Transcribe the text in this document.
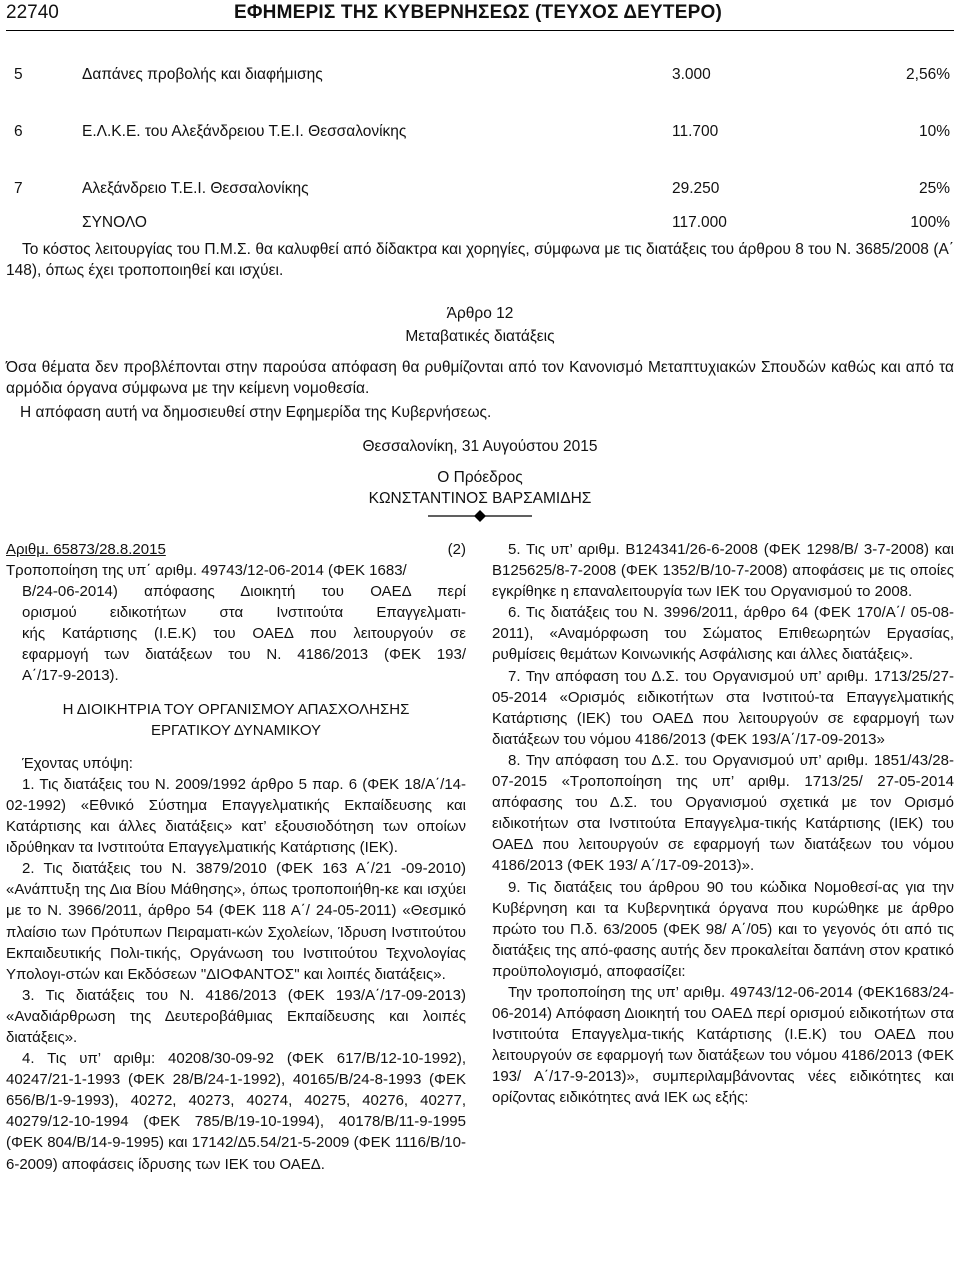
22740	ΕΦΗΜΕΡΙΣ ΤΗΣ ΚΥΒΕΡΝΗΣΕΩΣ (ΤΕΥΧΟΣ ΔΕΥΤΕΡΟ)
5	Δαπάνες προβολής και διαφήμισης	3.000	2,56%
6	Ε.Λ.Κ.Ε. του Αλεξάνδρειου Τ.Ε.Ι. Θεσσαλονίκης	11.700	10%
7	Αλεξάνδρειο Τ.Ε.Ι. Θεσσαλονίκης	29.250	25%
ΣΥΝΟΛΟ	117.000	100%
Το κόστος λειτουργίας του Π.Μ.Σ. θα καλυφθεί από δίδακτρα και χορηγίες, σύμφωνα με τις διατάξεις του άρθρου 8 του Ν. 3685/2008 (Α΄ 148), όπως έχει τροποποιηθεί και ισχύει.
Άρθρο 12
Μεταβατικές διατάξεις
Όσα θέματα δεν προβλέπονται στην παρούσα απόφαση θα ρυθμίζονται από τον Κανονισμό Μεταπτυχιακών Σπουδών καθώς και από τα αρμόδια όργανα σύμφωνα με την κείμενη νομοθεσία.
Η απόφαση αυτή να δημοσιευθεί στην Εφημερίδα της Κυβερνήσεως.
Θεσσαλονίκη, 31 Αυγούστου 2015
Ο Πρόεδρος
ΚΩΝΣΤΑΝΤΙΝΟΣ ΒΑΡΣΑΜΙΔΗΣ
Αριθμ. 65873/28.8.2015	(2)
Τροποποίηση της υπ΄ αριθμ. 49743/12-06-2014 (ΦΕΚ 1683/
Β/24-06-2014) απόφασης Διοικητή του ΟΑΕΔ περί
ορισμού ειδικοτήτων στα Ινστιτούτα Επαγγελματι-
κής Κατάρτισης (Ι.Ε.Κ) του ΟΑΕΔ που λειτουργούν σε
εφαρμογή των διατάξεων του Ν. 4186/2013 (ΦΕΚ 193/
Α΄/17-9-2013).

Η ΔΙΟΙΚΗΤΡΙΑ ΤΟΥ ΟΡΓΑΝΙΣΜΟΥ ΑΠΑΣΧΟΛΗΣΗΣ

ΕΡΓΑΤΙΚΟΥ ΔΥΝΑΜΙΚΟΥ

Έχοντας υπόψη:

1. Τις διατάξεις του Ν. 2009/1992 άρθρο 5 παρ. 6 (ΦΕΚ 18/Α΄/14-02-1992) «Εθνικό Σύστημα Επαγγελματικής Εκπαίδευσης και Κατάρτισης και άλλες διατάξεις» κατ’ εξουσιοδότηση των οποίων ιδρύθηκαν τα Ινστιτούτα Επαγγελματικής Κατάρτισης (ΙΕΚ).

2. Τις διατάξεις του Ν. 3879/2010 (ΦΕΚ 163 Α΄/21 -09-2010) «Ανάπτυξη της Δια Βίου Μάθησης», όπως τροποποιήθη-κε και ισχύει με το Ν. 3966/2011, άρθρο 54 (ΦΕΚ 118 Α΄/ 24-05-2011) «Θεσμικό πλαίσιο των Πρότυπων Πειραματι-κών Σχολείων, Ίδρυση Ινστιτούτου Εκπαιδευτικής Πολι-τικής, Οργάνωση του Ινστιτούτου Τεχνολογίας Υπολογι-στών και Εκδόσεων "ΔΙΟΦΑΝΤΟΣ" και λοιπές διατάξεις».

3. Τις διατάξεις του Ν. 4186/2013 (ΦΕΚ 193/Α΄/17-09-2013) «Αναδιάρθρωση της Δευτεροβάθμιας Εκπαίδευσης και λοιπές διατάξεις».

4. Τις υπ’ αριθμ: 40208/30-09-92 (ΦΕΚ 617/Β/12-10-1992), 40247/21-1-1993 (ΦΕΚ 28/Β/24-1-1992), 40165/Β/24-8-1993 (ΦΕΚ 656/Β/1-9-1993), 40272, 40273, 40274, 40275, 40276, 40277, 40279/12-10-1994 (ΦΕΚ 785/Β/19-10-1994), 40178/Β/11-9-1995 (ΦΕΚ 804/Β/14-9-1995) και 17142/Δ5.54/21-5-2009 (ΦΕΚ 1116/Β/10-6-2009) αποφάσεις ίδρυσης των ΙΕΚ του ΟΑΕΔ.

5. Τις υπ’ αριθμ. Β124341/26-6-2008 (ΦΕΚ 1298/Β/ 3-7-2008) και Β125625/8-7-2008 (ΦΕΚ 1352/Β/10-7-2008) αποφάσεις με τις οποίες εγκρίθηκε η επαναλειτουργία των ΙΕΚ του Οργανισμού το 2008.

6. Τις διατάξεις του Ν. 3996/2011, άρθρο 64 (ΦΕΚ 170/Α΄/ 05-08-2011), «Αναμόρφωση του Σώματος Επιθεωρητών Εργασίας, ρυθμίσεις θεμάτων Κοινωνικής Ασφάλισης και άλλες διατάξεις».

7. Την απόφαση του Δ.Σ. του Οργανισμού υπ’ αριθμ. 1713/25/27-05-2014 «Ορισμός ειδικοτήτων στα Ινστιτού-τα Επαγγελματικής Κατάρτισης (ΙΕΚ) του ΟΑΕΔ που λειτουργούν σε εφαρμογή των διατάξεων του νόμου 4186/2013 (ΦΕΚ 193/Α΄/17-09-2013»

8. Την απόφαση του Δ.Σ. του Οργανισμού υπ’ αριθμ. 1851/43/28-07-2015 «Τροποποίηση της υπ’ αριθμ. 1713/25/ 27-05-2014 απόφασης του Δ.Σ. του Οργανισμού σχετικά με τον Ορισμό ειδικοτήτων στα Ινστιτούτα Επαγγελμα-τικής Κατάρτισης (ΙΕΚ) του ΟΑΕΔ που λειτουργούν σε εφαρμογή των διατάξεων του νόμου 4186/2013 (ΦΕΚ 193/ Α΄/17-09-2013)».

9. Τις διατάξεις του άρθρου 90 του κώδικα Νομοθεσί-ας για την Κυβέρνηση και τα Κυβερνητικά όργανα που κυρώθηκε με άρθρο πρώτο του Π.δ. 63/2005 (ΦΕΚ 98/ Α΄/05) και το γεγονός ότι από τις διατάξεις της από-φασης αυτής δεν προκαλείται δαπάνη στον κρατικό προϋπολογισμό, αποφασίζει:

Την τροποποίηση της υπ’ αριθμ. 49743/12-06-2014 (ΦΕΚ1683/24-06-2014) Απόφαση Διοικητή του ΟΑΕΔ περί ορισμού ειδικοτήτων στα Ινστιτούτα Επαγγελμα-τικής Κατάρτισης (Ι.Ε.Κ) του ΟΑΕΔ που λειτουργούν σε εφαρμογή των διατάξεων του νόμου 4186/2013 (ΦΕΚ 193/ Α΄/17-9-2013)», συμπεριλαμβάνοντας νέες ειδικότητες και ορίζοντας ειδικότητες ανά ΙΕΚ ως εξής:
